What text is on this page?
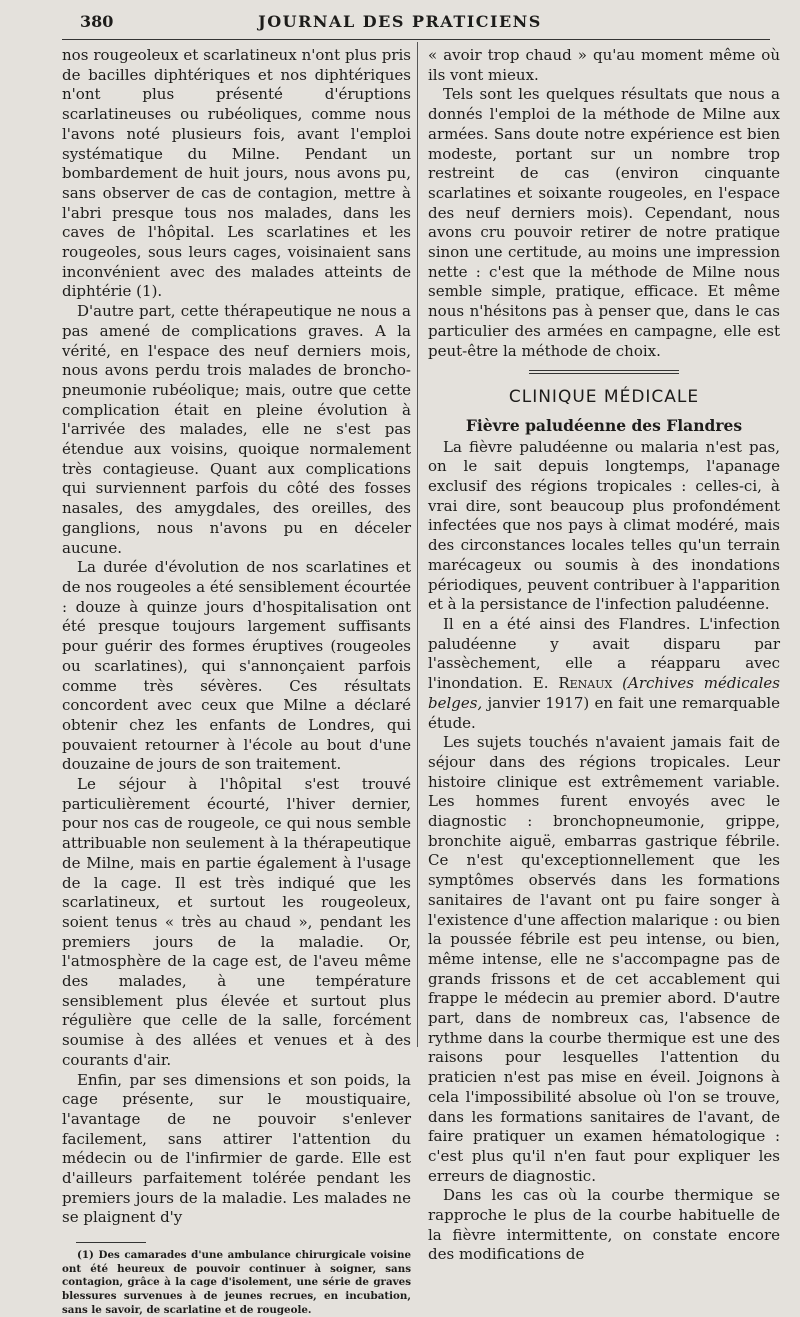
380	JOURNAL DES PRATICIENS

nos rougeoleux et scarlatineux n'ont plus pris de bacilles diphtériques et nos diphtériques n'ont plus présenté d'éruptions scarlatineuses ou rubéoliques, comme nous l'avons noté plusieurs fois, avant l'emploi systématique du Milne. Pendant un bombardement de huit jours, nous avons pu, sans observer de cas de contagion, mettre à l'abri presque tous nos malades, dans les caves de l'hôpital. Les scarlatines et les rougeoles, sous leurs cages, voisinaient sans inconvénient avec des malades atteints de diphtérie (1).

D'autre part, cette thérapeutique ne nous a pas amené de complications graves. A la vérité, en l'espace des neuf derniers mois, nous avons perdu trois malades de broncho-pneumonie rubéolique; mais, outre que cette complication était en pleine évolution à l'arrivée des malades, elle ne s'est pas étendue aux voisins, quoique normalement très contagieuse. Quant aux complications qui surviennent parfois du côté des fosses nasales, des amygdales, des oreilles, des ganglions, nous n'avons pu en déceler aucune.

La durée d'évolution de nos scarlatines et de nos rougeoles a été sensiblement écourtée : douze à quinze jours d'hospitalisation ont été presque toujours largement suffisants pour guérir des formes éruptives (rougeoles ou scarlatines), qui s'annonçaient parfois comme très sévères. Ces résultats concordent avec ceux que Milne a déclaré obtenir chez les enfants de Londres, qui pouvaient retourner à l'école au bout d'une douzaine de jours de son traitement.

Le séjour à l'hôpital s'est trouvé particulièrement écourté, l'hiver dernier, pour nos cas de rougeole, ce qui nous semble attribuable non seulement à la thérapeutique de Milne, mais en partie également à l'usage de la cage. Il est très indiqué que les scarlatineux, et surtout les rougeoleux, soient tenus « très au chaud », pendant les premiers jours de la maladie. Or, l'atmosphère de la cage est, de l'aveu même des malades, à une température sensiblement plus élevée et surtout plus régulière que celle de la salle, forcément soumise à des allées et venues et à des courants d'air.

Enfin, par ses dimensions et son poids, la cage présente, sur le moustiquaire, l'avantage de ne pouvoir s'enlever facilement, sans attirer l'attention du médecin ou de l'infirmier de garde. Elle est d'ailleurs parfaitement tolérée pendant les premiers jours de la maladie. Les malades ne se plaignent d'y

(1) Des camarades d'une ambulance chirurgicale voisine ont été heureux de pouvoir continuer à soigner, sans contagion, grâce à la cage d'isolement, une série de graves blessures survenues à de jeunes recrues, en incubation, sans le savoir, de scarlatine et de rougeole.

« avoir trop chaud » qu'au moment même où ils vont mieux.

Tels sont les quelques résultats que nous a donnés l'emploi de la méthode de Milne aux armées. Sans doute notre expérience est bien modeste, portant sur un nombre trop restreint de cas (environ cinquante scarlatines et soixante rougeoles, en l'espace des neuf derniers mois). Cependant, nous avons cru pouvoir retirer de notre pratique sinon une certitude, au moins une impression nette : c'est que la méthode de Milne nous semble simple, pratique, efficace. Et même nous n'hésitons pas à penser que, dans le cas particulier des armées en campagne, elle est peut-être la méthode de choix.

CLINIQUE MÉDICALE
Fièvre paludéenne des Flandres

La fièvre paludéenne ou malaria n'est pas, on le sait depuis longtemps, l'apanage exclusif des régions tropicales : celles-ci, à vrai dire, sont beaucoup plus profondément infectées que nos pays à climat modéré, mais des circonstances locales telles qu'un terrain marécageux ou soumis à des inondations périodiques, peuvent contribuer à l'apparition et à la persistance de l'infection paludéenne.

Il en a été ainsi des Flandres. L'infection paludéenne y avait disparu par l'assèchement, elle a réapparu avec l'inondation. E. Renaux (Archives médicales belges, janvier 1917) en fait une remarquable étude.

Les sujets touchés n'avaient jamais fait de séjour dans des régions tropicales. Leur histoire clinique est extrêmement variable. Les hommes furent envoyés avec le diagnostic : bronchopneumonie, grippe, bronchite aiguë, embarras gastrique fébrile. Ce n'est qu'exceptionnellement que les symptômes observés dans les formations sanitaires de l'avant ont pu faire songer à l'existence d'une affection malarique : ou bien la poussée fébrile est peu intense, ou bien, même intense, elle ne s'accompagne pas de grands frissons et de cet accablement qui frappe le médecin au premier abord. D'autre part, dans de nombreux cas, l'absence de rythme dans la courbe thermique est une des raisons pour lesquelles l'attention du praticien n'est pas mise en éveil. Joignons à cela l'impossibilité absolue où l'on se trouve, dans les formations sanitaires de l'avant, de faire pratiquer un examen hématologique : c'est plus qu'il n'en faut pour expliquer les erreurs de diagnostic.

Dans les cas où la courbe thermique se rapproche le plus de la courbe habituelle de la fièvre intermittente, on constate encore des modifications de
